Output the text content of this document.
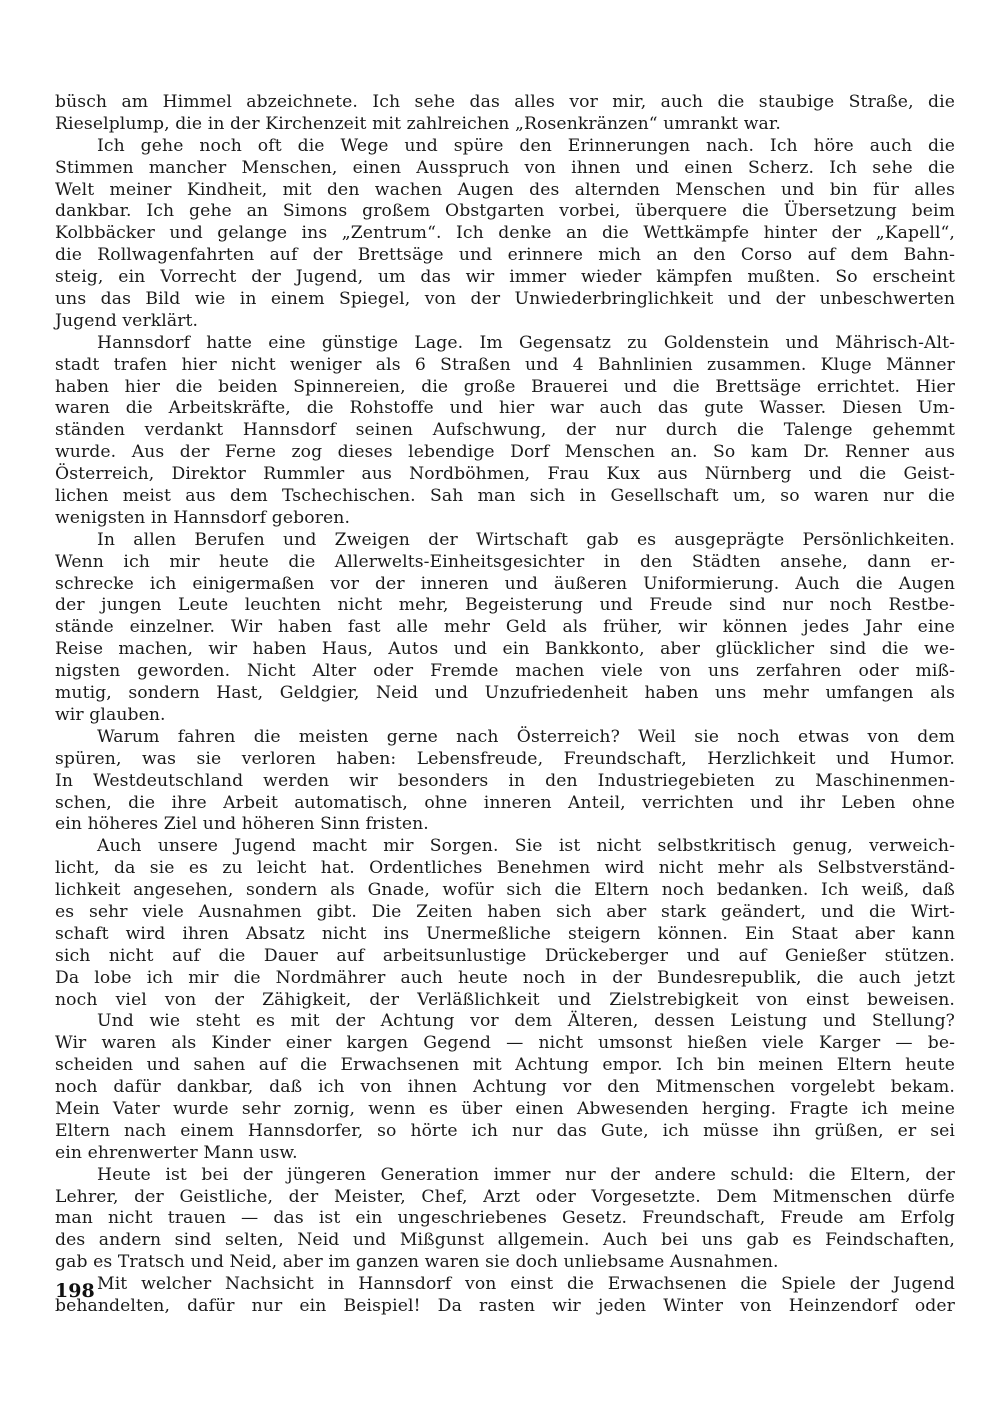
büsch am Himmel abzeichnete. Ich sehe das alles vor mir, auch die staubige Straße, die
Rieselplump, die in der Kirchenzeit mit zahlreichen „Rosenkränzen“ umrankt war.
Ich gehe noch oft die Wege und spüre den Erinnerungen nach. Ich höre auch die
Stimmen mancher Menschen, einen Ausspruch von ihnen und einen Scherz. Ich sehe die
Welt meiner Kindheit, mit den wachen Augen des alternden Menschen und bin für alles
dankbar. Ich gehe an Simons großem Obstgarten vorbei, überquere die Übersetzung beim
Kolbbäcker und gelange ins „Zentrum“. Ich denke an die Wettkämpfe hinter der „Kapell“,
die Rollwagenfahrten auf der Brettsäge und erinnere mich an den Corso auf dem Bahn-
steig, ein Vorrecht der Jugend, um das wir immer wieder kämpfen mußten. So erscheint
uns das Bild wie in einem Spiegel, von der Unwiederbringlichkeit und der unbeschwerten
Jugend verklärt.
Hannsdorf hatte eine günstige Lage. Im Gegensatz zu Goldenstein und Mährisch-Alt-
stadt trafen hier nicht weniger als 6 Straßen und 4 Bahnlinien zusammen. Kluge Männer
haben hier die beiden Spinnereien, die große Brauerei und die Brettsäge errichtet. Hier
waren die Arbeitskräfte, die Rohstoffe und hier war auch das gute Wasser. Diesen Um-
ständen verdankt Hannsdorf seinen Aufschwung, der nur durch die Talenge gehemmt
wurde. Aus der Ferne zog dieses lebendige Dorf Menschen an. So kam Dr. Renner aus
Österreich, Direktor Rummler aus Nordböhmen, Frau Kux aus Nürnberg und die Geist-
lichen meist aus dem Tschechischen. Sah man sich in Gesellschaft um, so waren nur die
wenigsten in Hannsdorf geboren.
In allen Berufen und Zweigen der Wirtschaft gab es ausgeprägte Persönlichkeiten.
Wenn ich mir heute die Allerwelts-Einheitsgesichter in den Städten ansehe, dann er-
schrecke ich einigermaßen vor der inneren und äußeren Uniformierung. Auch die Augen
der jungen Leute leuchten nicht mehr, Begeisterung und Freude sind nur noch Restbe-
stände einzelner. Wir haben fast alle mehr Geld als früher, wir können jedes Jahr eine
Reise machen, wir haben Haus, Autos und ein Bankkonto, aber glücklicher sind die we-
nigsten geworden. Nicht Alter oder Fremde machen viele von uns zerfahren oder miß-
mutig, sondern Hast, Geldgier, Neid und Unzufriedenheit haben uns mehr umfangen als
wir glauben.
Warum fahren die meisten gerne nach Österreich? Weil sie noch etwas von dem
spüren, was sie verloren haben: Lebensfreude, Freundschaft, Herzlichkeit und Humor.
In Westdeutschland werden wir besonders in den Industriegebieten zu Maschinenmen-
schen, die ihre Arbeit automatisch, ohne inneren Anteil, verrichten und ihr Leben ohne
ein höheres Ziel und höheren Sinn fristen.
Auch unsere Jugend macht mir Sorgen. Sie ist nicht selbstkritisch genug, verweich-
licht, da sie es zu leicht hat. Ordentliches Benehmen wird nicht mehr als Selbstverständ-
lichkeit angesehen, sondern als Gnade, wofür sich die Eltern noch bedanken. Ich weiß, daß
es sehr viele Ausnahmen gibt. Die Zeiten haben sich aber stark geändert, und die Wirt-
schaft wird ihren Absatz nicht ins Unermeßliche steigern können. Ein Staat aber kann
sich nicht auf die Dauer auf arbeitsunlustige Drückeberger und auf Genießer stützen.
Da lobe ich mir die Nordmährer auch heute noch in der Bundesrepublik, die auch jetzt
noch viel von der Zähigkeit, der Verläßlichkeit und Zielstrebigkeit von einst beweisen.
Und wie steht es mit der Achtung vor dem Älteren, dessen Leistung und Stellung?
Wir waren als Kinder einer kargen Gegend — nicht umsonst hießen viele Karger — be-
scheiden und sahen auf die Erwachsenen mit Achtung empor. Ich bin meinen Eltern heute
noch dafür dankbar, daß ich von ihnen Achtung vor den Mitmenschen vorgelebt bekam.
Mein Vater wurde sehr zornig, wenn es über einen Abwesenden herging. Fragte ich meine
Eltern nach einem Hannsdorfer, so hörte ich nur das Gute, ich müsse ihn grüßen, er sei
ein ehrenwerter Mann usw.
Heute ist bei der jüngeren Generation immer nur der andere schuld: die Eltern, der
Lehrer, der Geistliche, der Meister, Chef, Arzt oder Vorgesetzte. Dem Mitmenschen dürfe
man nicht trauen — das ist ein ungeschriebenes Gesetz. Freundschaft, Freude am Erfolg
des andern sind selten, Neid und Mißgunst allgemein. Auch bei uns gab es Feindschaften,
gab es Tratsch und Neid, aber im ganzen waren sie doch unliebsame Ausnahmen.
Mit welcher Nachsicht in Hannsdorf von einst die Erwachsenen die Spiele der Jugend
behandelten, dafür nur ein Beispiel! Da rasten wir jeden Winter von Heinzendorf oder
198
